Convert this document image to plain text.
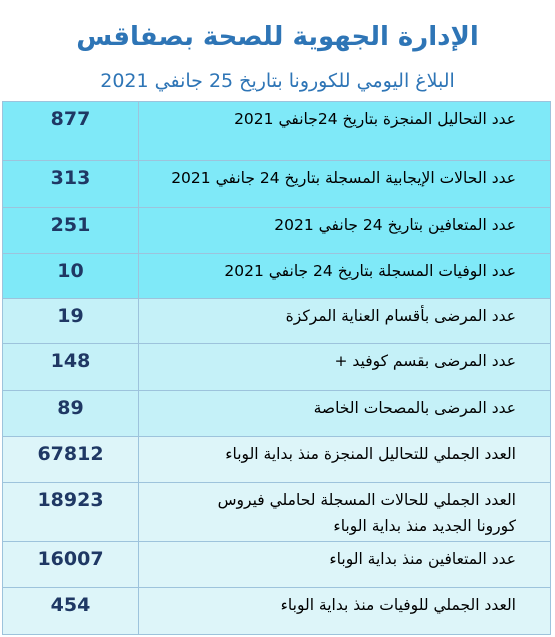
الإدارة الجهوية للصحة بصفاقس
البلاغ اليومي للكورونا بتاريخ 25 جانفي 2021
877	عدد التحاليل المنجزة بتاريخ 24جانفي 2021
313	عدد الحالات الإيجابية المسجلة بتاريخ 24 جانفي 2021
251	عدد المتعافين بتاريخ 24 جانفي 2021
10	عدد الوفيات المسجلة بتاريخ 24 جانفي 2021
19	عدد المرضى بأقسام العناية المركزة
148	عدد المرضى بقسم كوفيد +
89	عدد المرضى بالمصحات الخاصة
67812	العدد الجملي للتحاليل المنجزة منذ بداية الوباء
18923	العدد الجملي للحالات المسجلة لحاملي فيروس
كورونا الجديد منذ بداية الوباء
16007	عدد المتعافين منذ بداية الوباء
454	العدد الجملي للوفيات منذ بداية الوباء
